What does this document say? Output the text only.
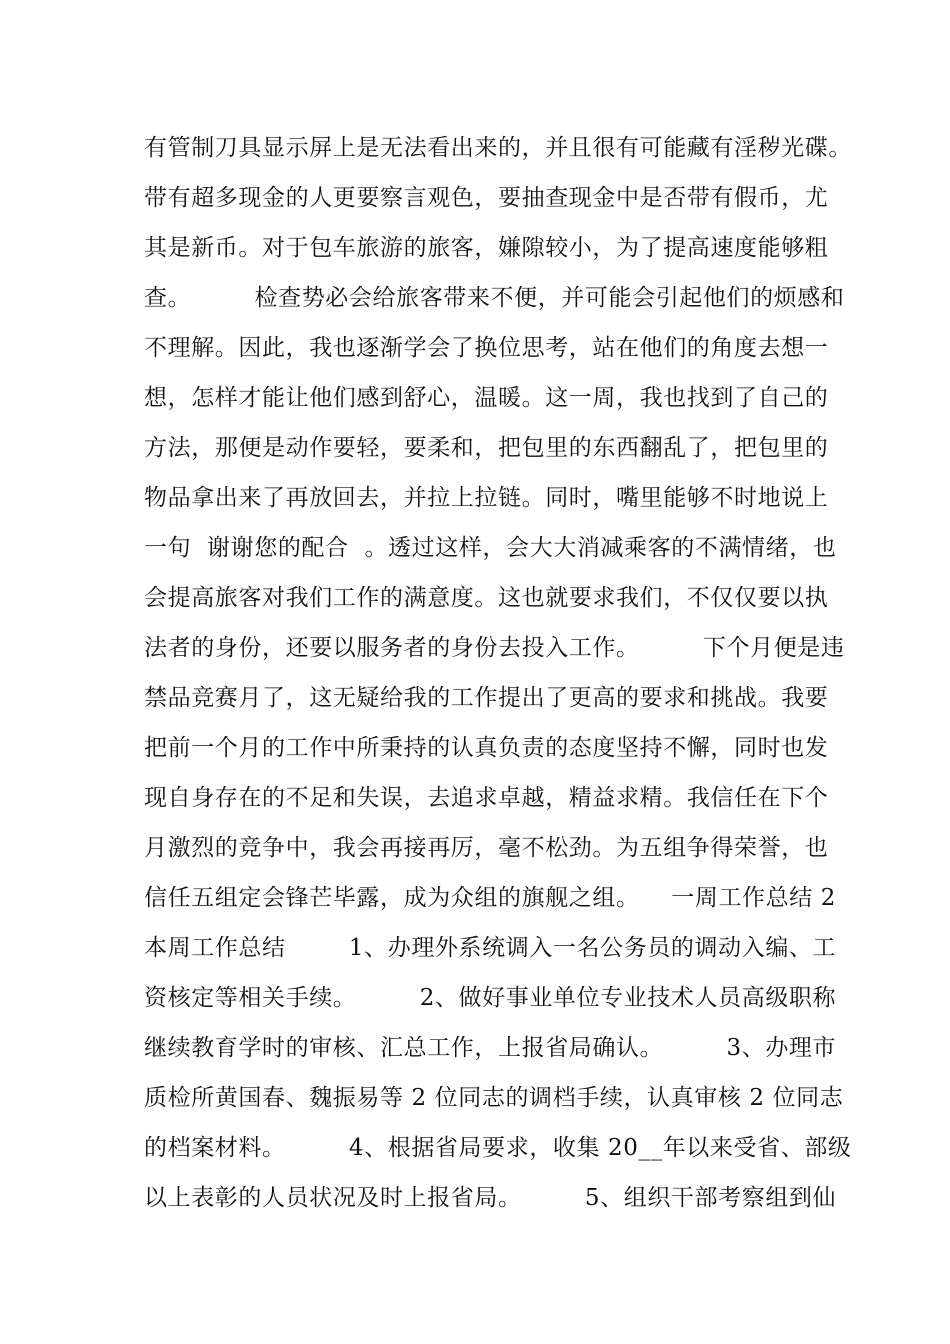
有管制刀具显示屏上是无法看出来的，并且很有可能藏有淫秽光碟。
带有超多现金的人更要察言观色，要抽查现金中是否带有假币，尤
其是新币。对于包车旅游的旅客，嫌隙较小，为了提高速度能够粗
查。        检查势必会给旅客带来不便，并可能会引起他们的烦感和
不理解。因此，我也逐渐学会了换位思考，站在他们的角度去想一
想，怎样才能让他们感到舒心，温暖。这一周，我也找到了自己的
方法，那便是动作要轻，要柔和，把包里的东西翻乱了，把包里的
物品拿出来了再放回去，并拉上拉链。同时，嘴里能够不时地说上
一句  谢谢您的配合  。透过这样，会大大消减乘客的不满情绪，也
会提高旅客对我们工作的满意度。这也就要求我们，不仅仅要以执
法者的身份，还要以服务者的身份去投入工作。        下个月便是违
禁品竞赛月了，这无疑给我的工作提出了更高的要求和挑战。我要
把前一个月的工作中所秉持的认真负责的态度坚持不懈，同时也发
现自身存在的不足和失误，去追求卓越，精益求精。我信任在下个
月激烈的竞争中，我会再接再厉，毫不松劲。为五组争得荣誉，也
信任五组定会锋芒毕露，成为众组的旗舰之组。    一周工作总结 2
本周工作总结        1、办理外系统调入一名公务员的调动入编、工
资核定等相关手续。        2、做好事业单位专业技术人员高级职称
继续教育学时的审核、汇总工作，上报省局确认。        3、办理市
质检所黄国春、魏振易等 2 位同志的调档手续，认真审核 2 位同志
的档案材料。        4、根据省局要求，收集 20__年以来受省、部级
以上表彰的人员状况及时上报省局。        5、组织干部考察组到仙
